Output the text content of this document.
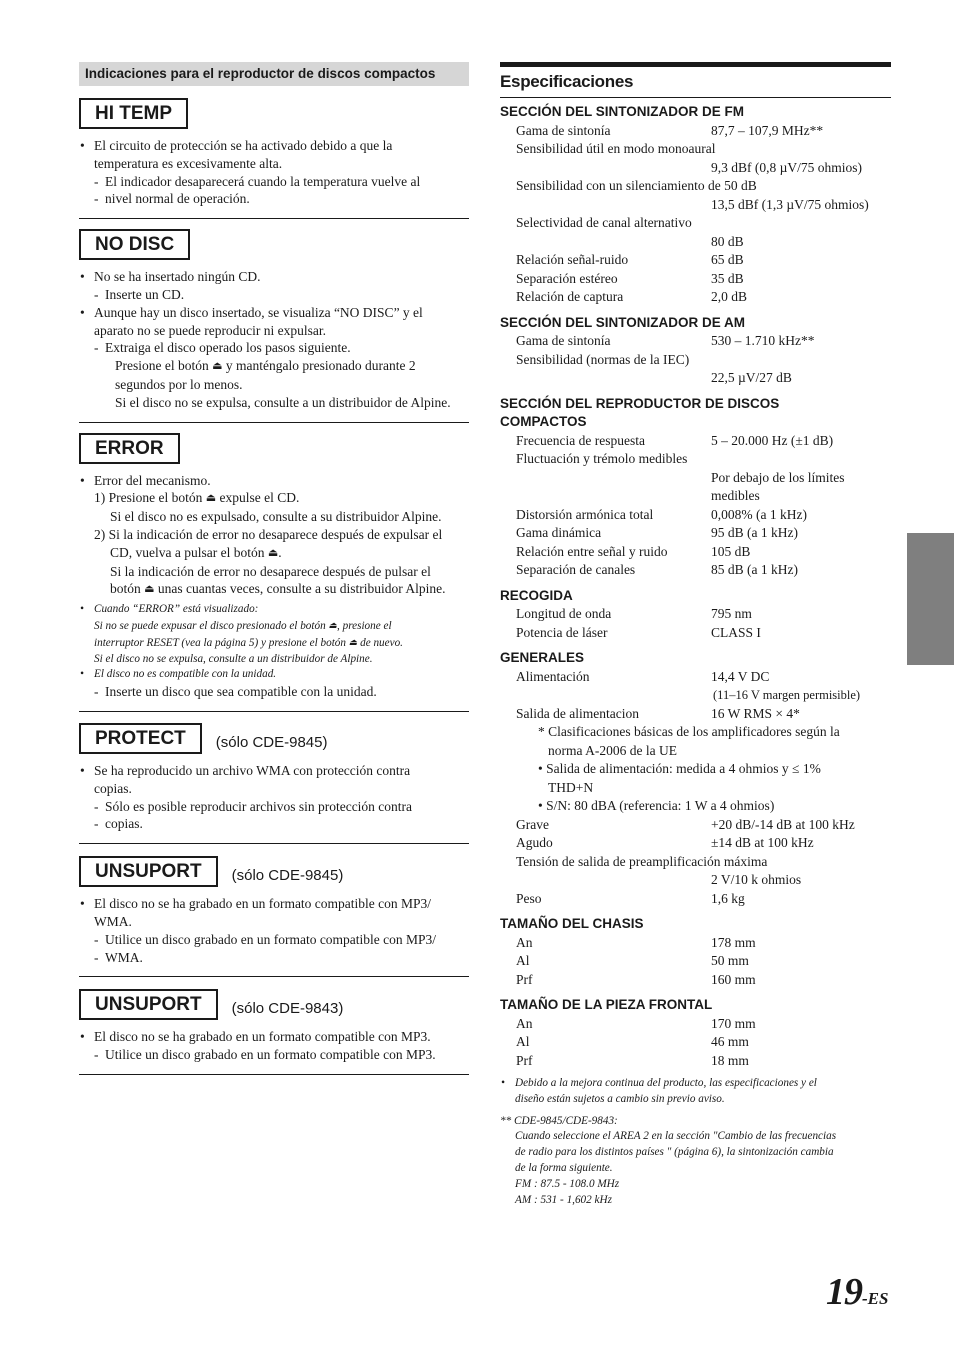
Indicaciones para el reproductor de discos compactos
HI TEMP
• El circuito de protección se ha activado debido a que la
temperatura es excesivamente alta.
- El indicador desaparecerá cuando la temperatura vuelve al
- nivel normal de operación.
NO DISC
• No se ha insertado ningún CD.
- Inserte un CD.
• Aunque hay un disco insertado, se visualiza “NO DISC” y el
aparato no se puede reproducir ni expulsar.
- Extraiga el disco operado los pasos siguiente.
Presione el botón ⏏ y manténgalo presionado durante 2
segundos por lo menos.
Si el disco no se expulsa, consulte a un distribuidor de Alpine.
ERROR
• Error del mecanismo.
1) Presione el botón ⏏ expulse el CD.
Si el disco no es expulsado, consulte a su distribuidor Alpine.
2) Si la indicación de error no desaparece después de expulsar el
CD, vuelva a pulsar el botón ⏏.
Si la indicación de error no desaparece después de pulsar el
botón ⏏ unas cuantas veces, consulte a su distribuidor Alpine.
• Cuando “ERROR” está visualizado:
Si no se puede expusar el disco presionado el botón ⏏, presione el
interruptor RESET (vea la página 5) y presione el botón ⏏ de nuevo.
Si el disco no se expulsa, consulte a un distribuidor de Alpine.
• El disco no es compatible con la unidad.
- Inserte un disco que sea compatible con la unidad.
PROTECT	(sólo CDE-9845)
• Se ha reproducido un archivo WMA con protección contra
copias.
- Sólo es posible reproducir archivos sin protección contra
- copias.
UNSUPORT	(sólo CDE-9845)
• El disco no se ha grabado en un formato compatible con MP3/
WMA.
- Utilice un disco grabado en un formato compatible con MP3/
- WMA.
UNSUPORT	(sólo CDE-9843)
• El disco no se ha grabado en un formato compatible con MP3.
- Utilice un disco grabado en un formato compatible con MP3.
Especificaciones
SECCIÓN DEL SINTONIZADOR DE FM
Gama de sintonía	87,7 – 107,9 MHz**
Sensibilidad útil en modo monoaural
9,3 dBf (0,8 µV/75 ohmios)
Sensibilidad con un silenciamiento de 50 dB
13,5 dBf (1,3 µV/75 ohmios)
Selectividad de canal alternativo
80 dB
Relación señal-ruido	65 dB
Separación estéreo	35 dB
Relación de captura	2,0 dB
SECCIÓN DEL SINTONIZADOR DE AM
Gama de sintonía	530 – 1.710 kHz**
Sensibilidad (normas de la IEC)
22,5 µV/27 dB
SECCIÓN DEL REPRODUCTOR DE DISCOS
COMPACTOS
Frecuencia de respuesta	5 – 20.000 Hz (±1 dB)
Fluctuación y trémolo medibles
Por debajo de los límites
medibles
Distorsión armónica total	0,008% (a 1 kHz)
Gama dinámica	95 dB (a 1 kHz)
Relación entre señal y ruido	105 dB
Separación de canales	85 dB (a 1 kHz)
RECOGIDA
Longitud de onda	795 nm
Potencia de láser	CLASS I
GENERALES
Alimentación	14,4 V DC
(11–16 V margen permisible)
Salida de alimentacion	16 W RMS × 4*
* Clasificaciones básicas de los amplificadores según la
norma A-2006 de la UE
• Salida de alimentación: medida a 4 ohmios y ≤ 1%
THD+N
• S/N: 80 dBA (referencia: 1 W a 4 ohmios)
Grave	+20 dB/-14 dB at 100 kHz
Agudo	±14 dB at 100 kHz
Tensión de salida de preamplificación máxima
2 V/10 k ohmios
Peso	1,6 kg
TAMAÑO DEL CHASIS
An	178 mm
Al	50 mm
Prf	160 mm
TAMAÑO DE LA PIEZA FRONTAL
An	170 mm
Al	46 mm
Prf	18 mm
• Debido a la mejora continua del producto, las especificaciones y el
diseño están sujetos a cambio sin previo aviso.
** CDE-9845/CDE-9843:
Cuando seleccione el AREA 2 en la sección "Cambio de las frecuencias
de radio para los distintos países " (página 6), la sintonización cambia
de la forma siguiente.
FM : 87.5 - 108.0 MHz
AM : 531 - 1,602 kHz
19-ES
